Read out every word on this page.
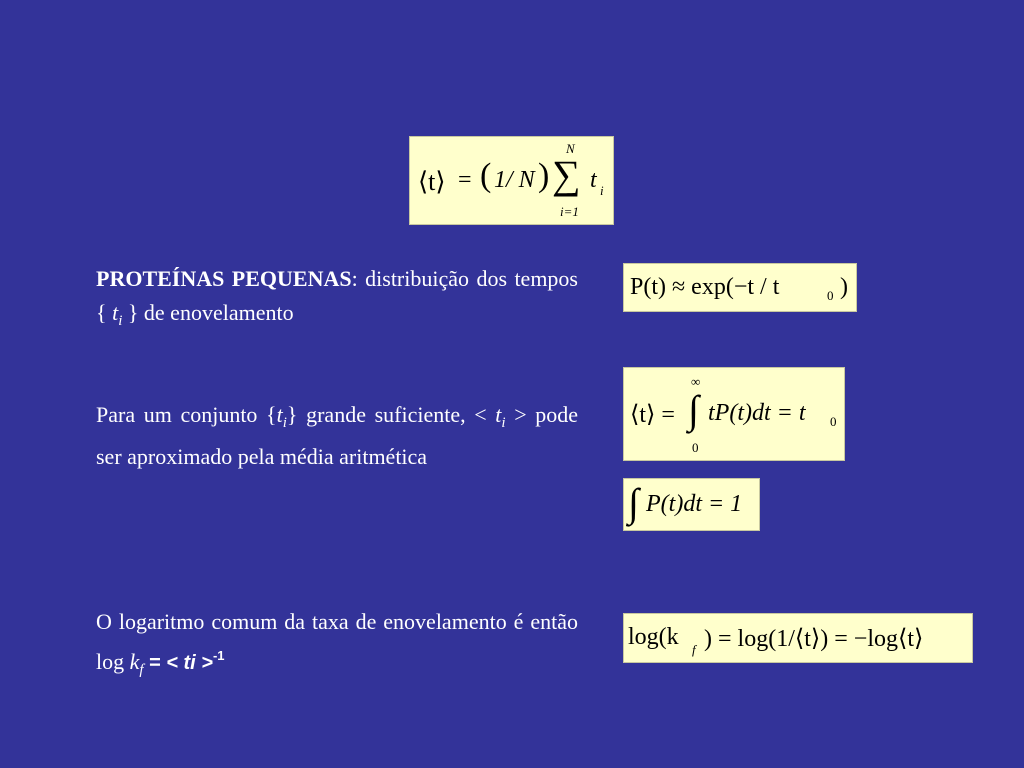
⟨t⟩ = ( 1/ N ) ∑
N
i=1
t i
PROTEÍNAS PEQUENAS: distribuição dos tempos { $t_i$ } de enovelamento
P(t) ≈ exp(−t / t	0 )
Para um conjunto $\{t_i\}$ grande suficiente, < $t_i$ > pode ser aproximado pela média aritmética
⟨t⟩ =
∞
∫
0
tP(t)dt = t 0
∫ P(t)dt = 1
O logaritmo comum da taxa de enovelamento é então $\log k_f$ = < ti >$^{-1}$
log(k f ) = log(1/⟨t⟩) = −log⟨t⟩
